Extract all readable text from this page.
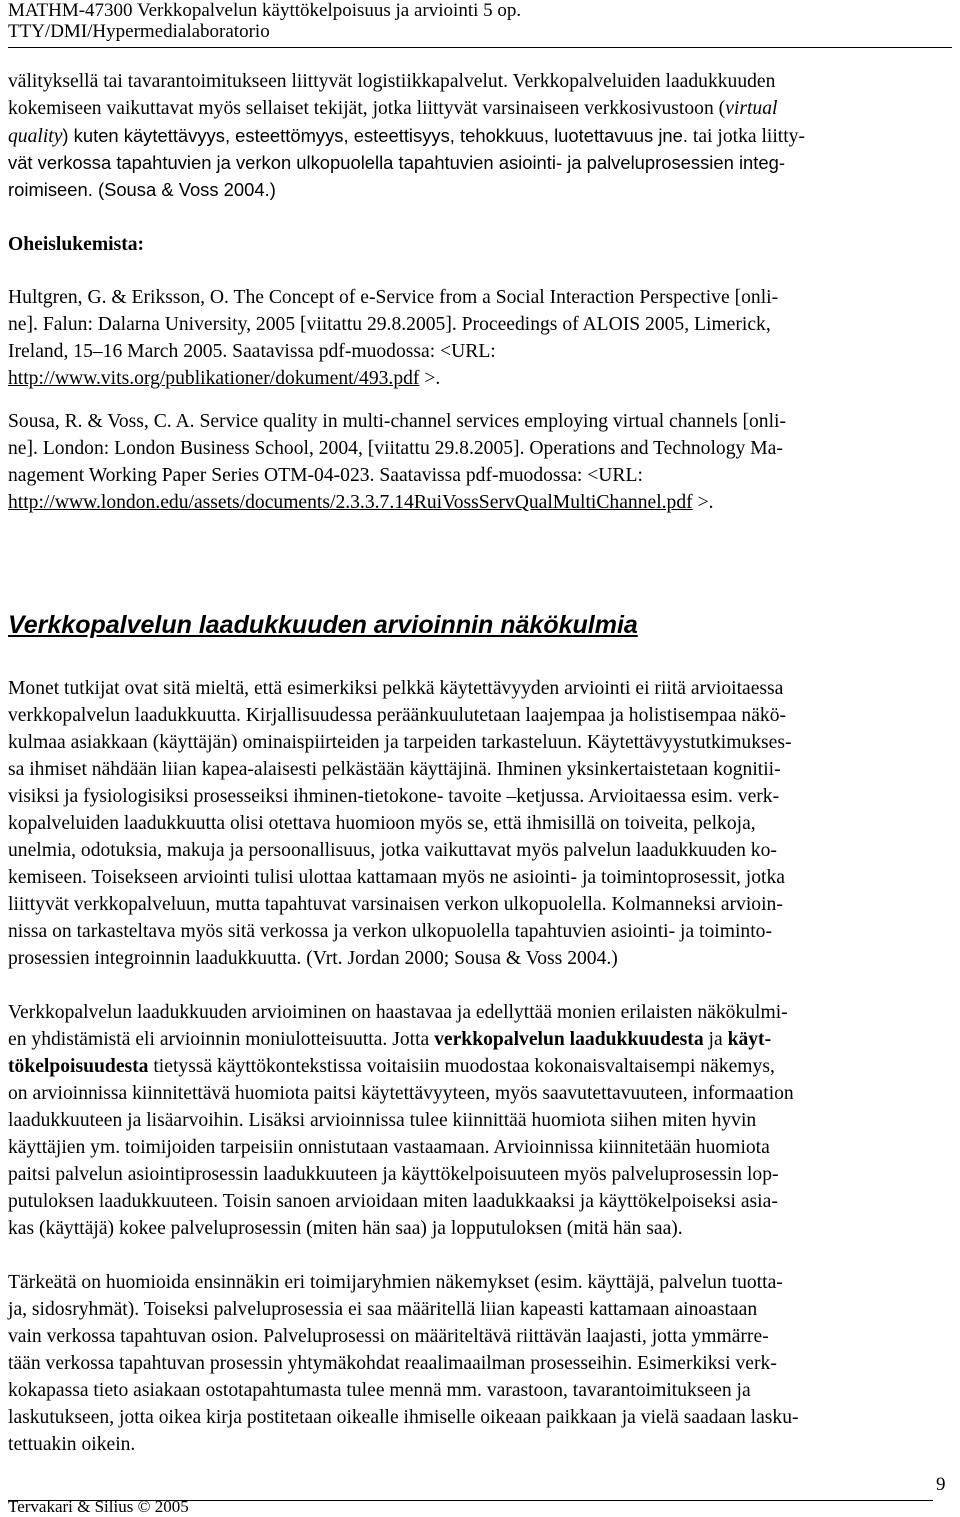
MATHM-47300 Verkkopalvelun käyttökelpoisuus ja arviointi 5 op.
TTY/DMI/Hypermedialaboratorio
välityksellä tai tavarantoimitukseen liittyvät logistiikkapalvelut. Verkkopalveluiden laadukkuuden
kokemiseen vaikuttavat myös sellaiset tekijät, jotka liittyvät varsinaiseen verkkosivustoon (virtual
quality) kuten käytettävyys, esteettömyys, esteettisyys, tehokkuus, luotettavuus jne. tai jotka liitty-
vät verkossa tapahtuvien ja verkon ulkopuolella tapahtuvien asiointi- ja palveluprosessien integ-
roimiseen. (Sousa & Voss 2004.)
Oheislukemista:
Hultgren, G. & Eriksson, O. The Concept of e-Service from a Social Interaction Perspective [onli-
ne]. Falun: Dalarna University, 2005 [viitattu 29.8.2005]. Proceedings of ALOIS 2005, Limerick,
Ireland, 15–16 March 2005. Saatavissa pdf-muodossa: <URL:
http://www.vits.org/publikationer/dokument/493.pdf >.
Sousa, R. & Voss, C. A. Service quality in multi-channel services employing virtual channels [onli-
ne]. London: London Business School, 2004, [viitattu 29.8.2005]. Operations and Technology Ma-
nagement Working Paper Series OTM-04-023. Saatavissa pdf-muodossa: <URL:
http://www.london.edu/assets/documents/2.3.3.7.14RuiVossServQualMultiChannel.pdf >.
Verkkopalvelun laadukkuuden arvioinnin näkökulmia
Monet tutkijat ovat sitä mieltä, että esimerkiksi pelkkä käytettävyyden arviointi ei riitä arvioitaessa
verkkopalvelun laadukkuutta. Kirjallisuudessa peräänkuulutetaan laajempaa ja holistisempaa näkö-
kulmaa asiakkaan (käyttäjän) ominaispiirteiden ja tarpeiden tarkasteluun. Käytettävyystutkimukses-
sa ihmiset nähdään liian kapea-alaisesti pelkästään käyttäjinä. Ihminen yksinkertaistetaan kognitii-
visiksi ja fysiologisiksi prosesseiksi ihminen-tietokone- tavoite –ketjussa. Arvioitaessa esim. verk-
kopalveluiden laadukkuutta olisi otettava huomioon myös se, että ihmisillä on toiveita, pelkoja,
unelmia, odotuksia, makuja ja persoonallisuus, jotka vaikuttavat myös palvelun laadukkuuden ko-
kemiseen. Toisekseen arviointi tulisi ulottaa kattamaan myös ne asiointi- ja toimintoprosessit, jotka
liittyvät verkkopalveluun, mutta tapahtuvat varsinaisen verkon ulkopuolella. Kolmanneksi arvioin-
nissa on tarkasteltava myös sitä verkossa ja verkon ulkopuolella tapahtuvien asiointi- ja toiminto-
prosessien integroinnin laadukkuutta. (Vrt. Jordan 2000; Sousa & Voss 2004.)
Verkkopalvelun laadukkuuden arvioiminen on haastavaa ja edellyttää monien erilaisten näkökulmi-
en yhdistämistä eli arvioinnin moniulotteisuutta. Jotta verkkopalvelun laadukkuudesta ja käyt-
tökelpoisuudesta tietyssä käyttökontekstissa voitaisiin muodostaa kokonaisvaltaisempi näkemys,
on arvioinnissa kiinnitettävä huomiota paitsi käytettävyyteen, myös saavutettavuuteen, informaation
laadukkuuteen ja lisäarvoihin. Lisäksi arvioinnissa tulee kiinnittää huomiota siihen miten hyvin
käyttäjien ym. toimijoiden tarpeisiin onnistutaan vastaamaan. Arvioinnissa kiinnitetään huomiota
paitsi palvelun asiointiprosessin laadukkuuteen ja käyttökelpoisuuteen myös palveluprosessin lop-
putuloksen laadukkuuteen. Toisin sanoen arvioidaan miten laadukkaaksi ja käyttökelpoiseksi asia-
kas (käyttäjä) kokee palveluprosessin (miten hän saa) ja lopputuloksen (mitä hän saa).
Tärkeätä on huomioida ensinnäkin eri toimijaryhmien näkemykset (esim. käyttäjä, palvelun tuotta-
ja, sidosryhmät). Toiseksi palveluprosessia ei saa määritellä liian kapeasti kattamaan ainoastaan
vain verkossa tapahtuvan osion. Palveluprosessi on määriteltävä riittävän laajasti, jotta ymmärre-
tään verkossa tapahtuvan prosessin yhtymäkohdat reaalimaailman prosesseihin. Esimerkiksi verk-
kokapassa tieto asiakaan ostotapahtumasta tulee mennä mm. varastoon, tavarantoimitukseen ja
laskutukseen, jotta oikea kirja postitetaan oikealle ihmiselle oikeaan paikkaan ja vielä saadaan lasku-
tettuakin oikein.
9
Tervakari & Silius © 2005
